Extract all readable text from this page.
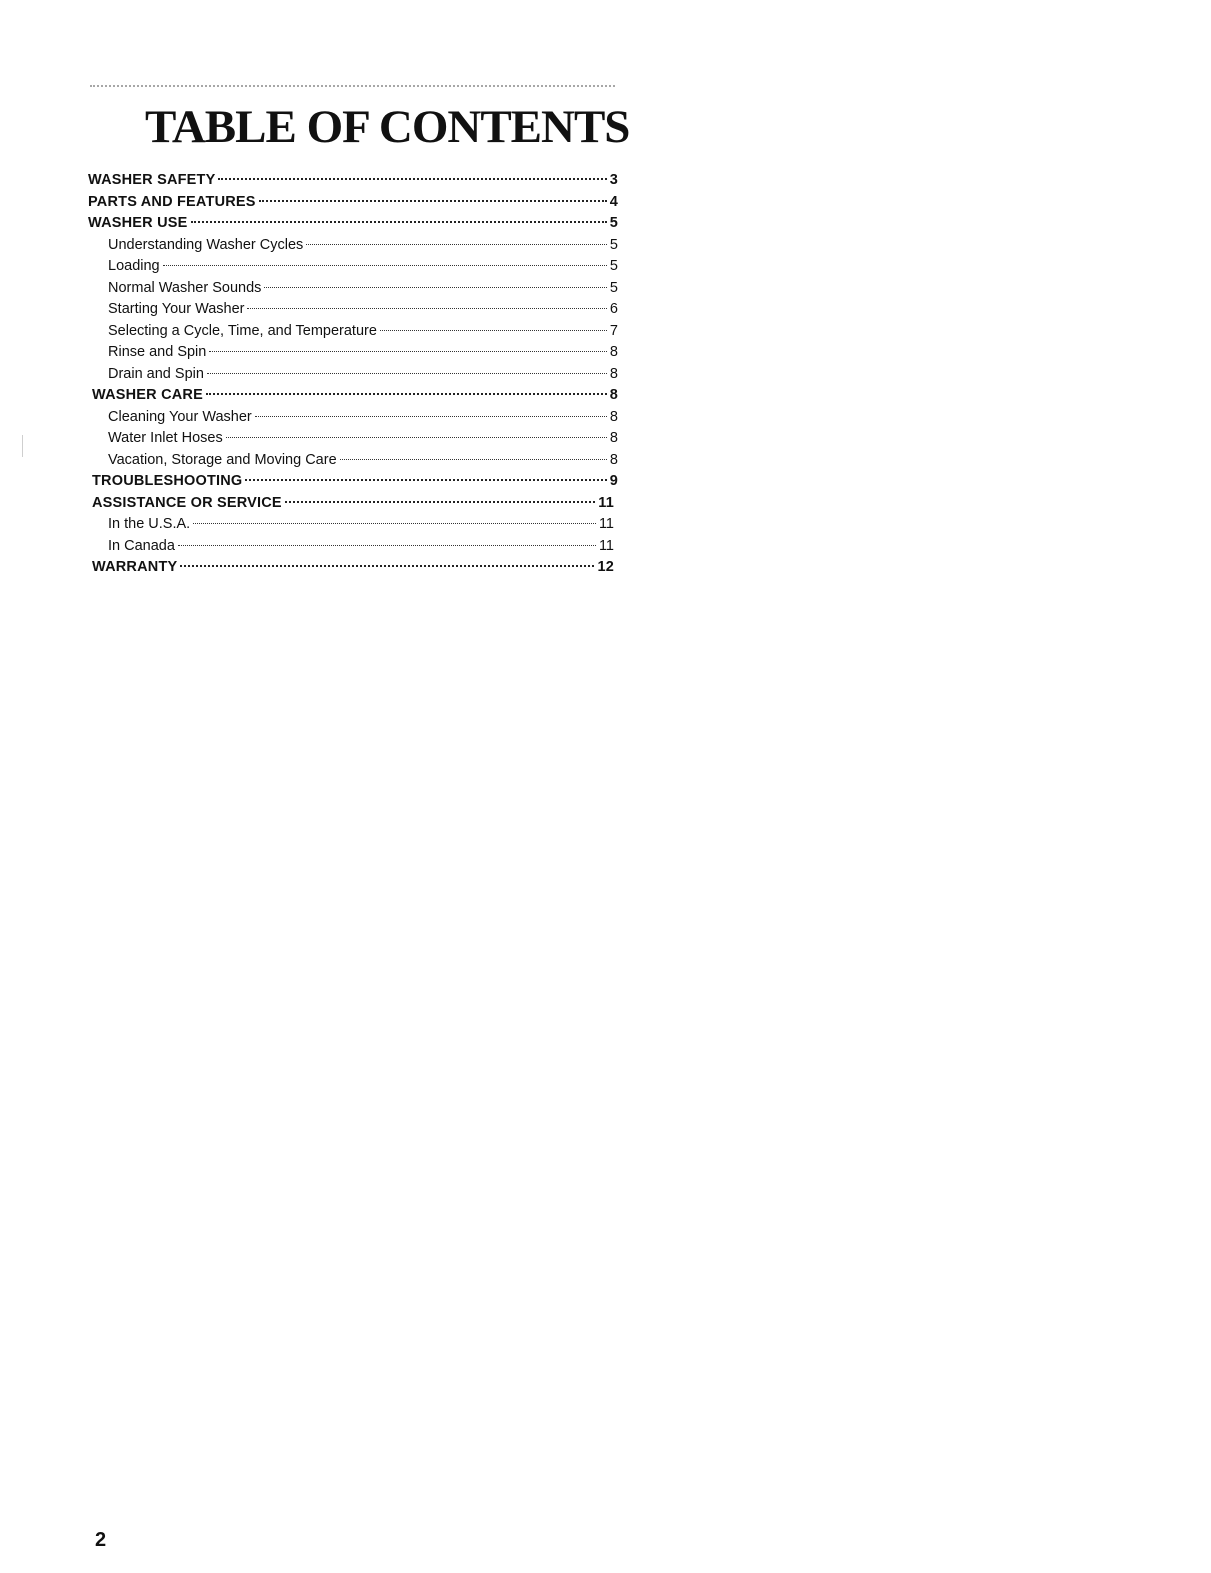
TABLE OF CONTENTS
WASHER SAFETY	3
PARTS AND FEATURES	4
WASHER USE	5
Understanding Washer Cycles	5
Loading	5
Normal Washer Sounds	5
Starting Your Washer	6
Selecting a Cycle, Time, and Temperature	7
Rinse and Spin	8
Drain and Spin	8
WASHER CARE	8
Cleaning Your Washer	8
Water Inlet Hoses	8
Vacation, Storage and Moving Care	8
TROUBLESHOOTING	9
ASSISTANCE OR SERVICE	11
In the U.S.A.	11
In Canada	11
WARRANTY	12
2
